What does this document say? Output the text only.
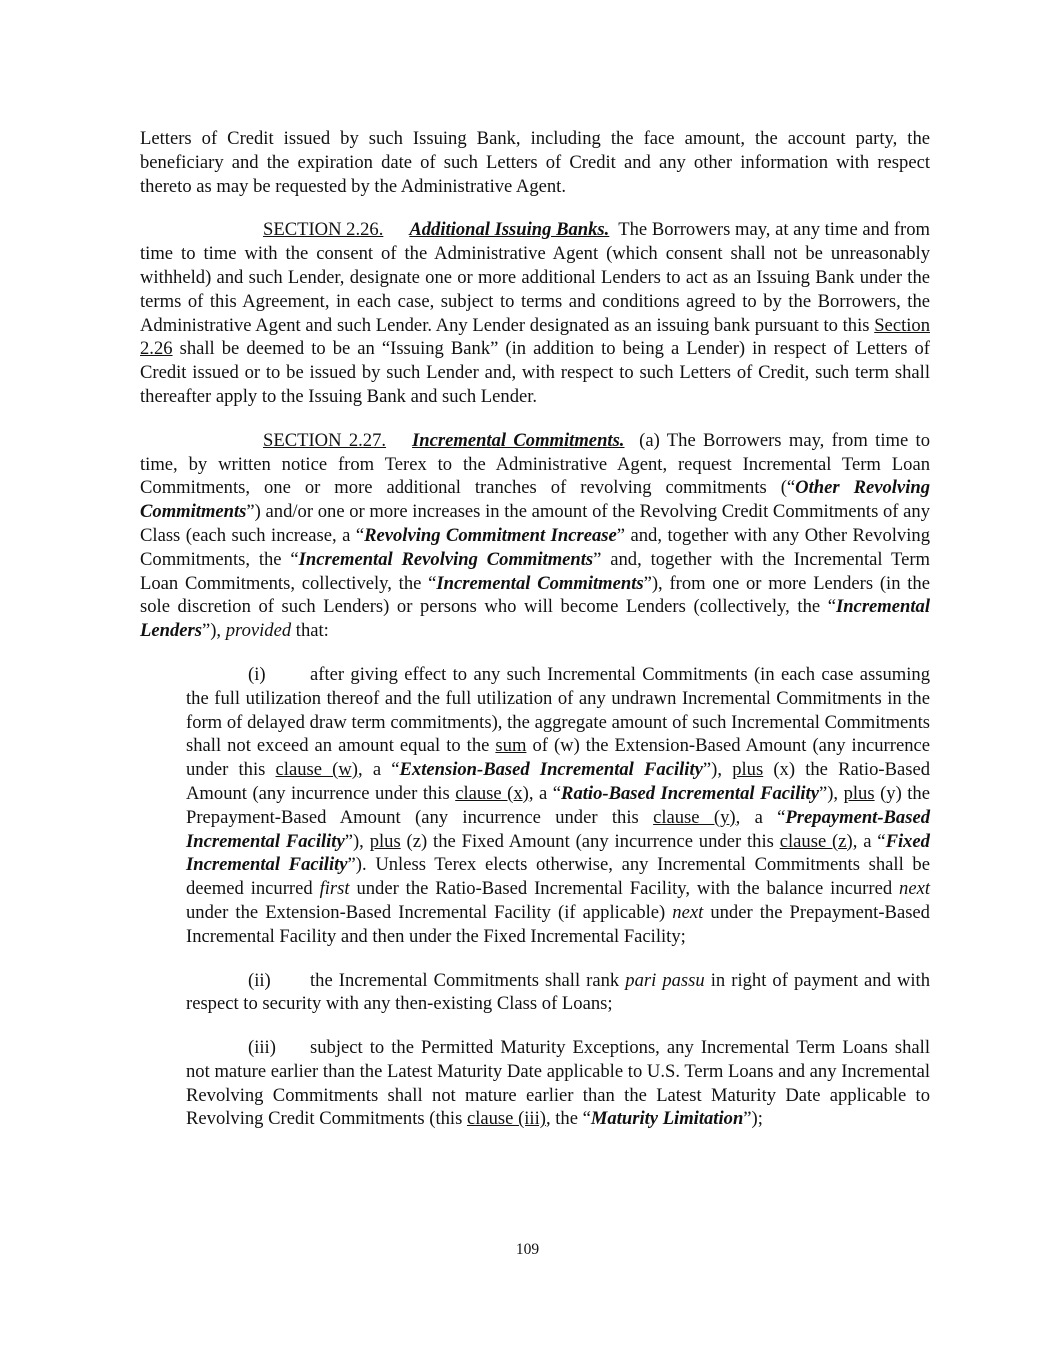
Letters of Credit issued by such Issuing Bank, including the face amount, the account party, the beneficiary and the expiration date of such Letters of Credit and any other information with respect thereto as may be requested by the Administrative Agent.

SECTION 2.26. Additional Issuing Banks. The Borrowers may, at any time and from time to time with the consent of the Administrative Agent (which consent shall not be unreasonably withheld) and such Lender, designate one or more additional Lenders to act as an Issuing Bank under the terms of this Agreement, in each case, subject to terms and conditions agreed to by the Borrowers, the Administrative Agent and such Lender. Any Lender designated as an issuing bank pursuant to this Section 2.26 shall be deemed to be an “Issuing Bank” (in addition to being a Lender) in respect of Letters of Credit issued or to be issued by such Lender and, with respect to such Letters of Credit, such term shall thereafter apply to the Issuing Bank and such Lender.

SECTION 2.27. Incremental Commitments. (a) The Borrowers may, from time to time, by written notice from Terex to the Administrative Agent, request Incremental Term Loan Commitments, one or more additional tranches of revolving commitments (“Other Revolving Commitments”) and/or one or more increases in the amount of the Revolving Credit Commitments of any Class (each such increase, a “Revolving Commitment Increase” and, together with any Other Revolving Commitments, the “Incremental Revolving Commitments” and, together with the Incremental Term Loan Commitments, collectively, the “Incremental Commitments”), from one or more Lenders (in the sole discretion of such Lenders) or persons who will become Lenders (collectively, the “Incremental Lenders”), provided that:

(i) after giving effect to any such Incremental Commitments (in each case assuming the full utilization thereof and the full utilization of any undrawn Incremental Commitments in the form of delayed draw term commitments), the aggregate amount of such Incremental Commitments shall not exceed an amount equal to the sum of (w) the Extension-Based Amount (any incurrence under this clause (w), a “Extension-Based Incremental Facility”), plus (x) the Ratio-Based Amount (any incurrence under this clause (x), a “Ratio-Based Incremental Facility”), plus (y) the Prepayment-Based Amount (any incurrence under this clause (y), a “Prepayment-Based Incremental Facility”), plus (z) the Fixed Amount (any incurrence under this clause (z), a “Fixed Incremental Facility”). Unless Terex elects otherwise, any Incremental Commitments shall be deemed incurred first under the Ratio-Based Incremental Facility, with the balance incurred next under the Extension-Based Incremental Facility (if applicable) next under the Prepayment-Based Incremental Facility and then under the Fixed Incremental Facility;

(ii) the Incremental Commitments shall rank pari passu in right of payment and with respect to security with any then-existing Class of Loans;

(iii) subject to the Permitted Maturity Exceptions, any Incremental Term Loans shall not mature earlier than the Latest Maturity Date applicable to U.S. Term Loans and any Incremental Revolving Commitments shall not mature earlier than the Latest Maturity Date applicable to Revolving Credit Commitments (this clause (iii), the “Maturity Limitation”);

109
